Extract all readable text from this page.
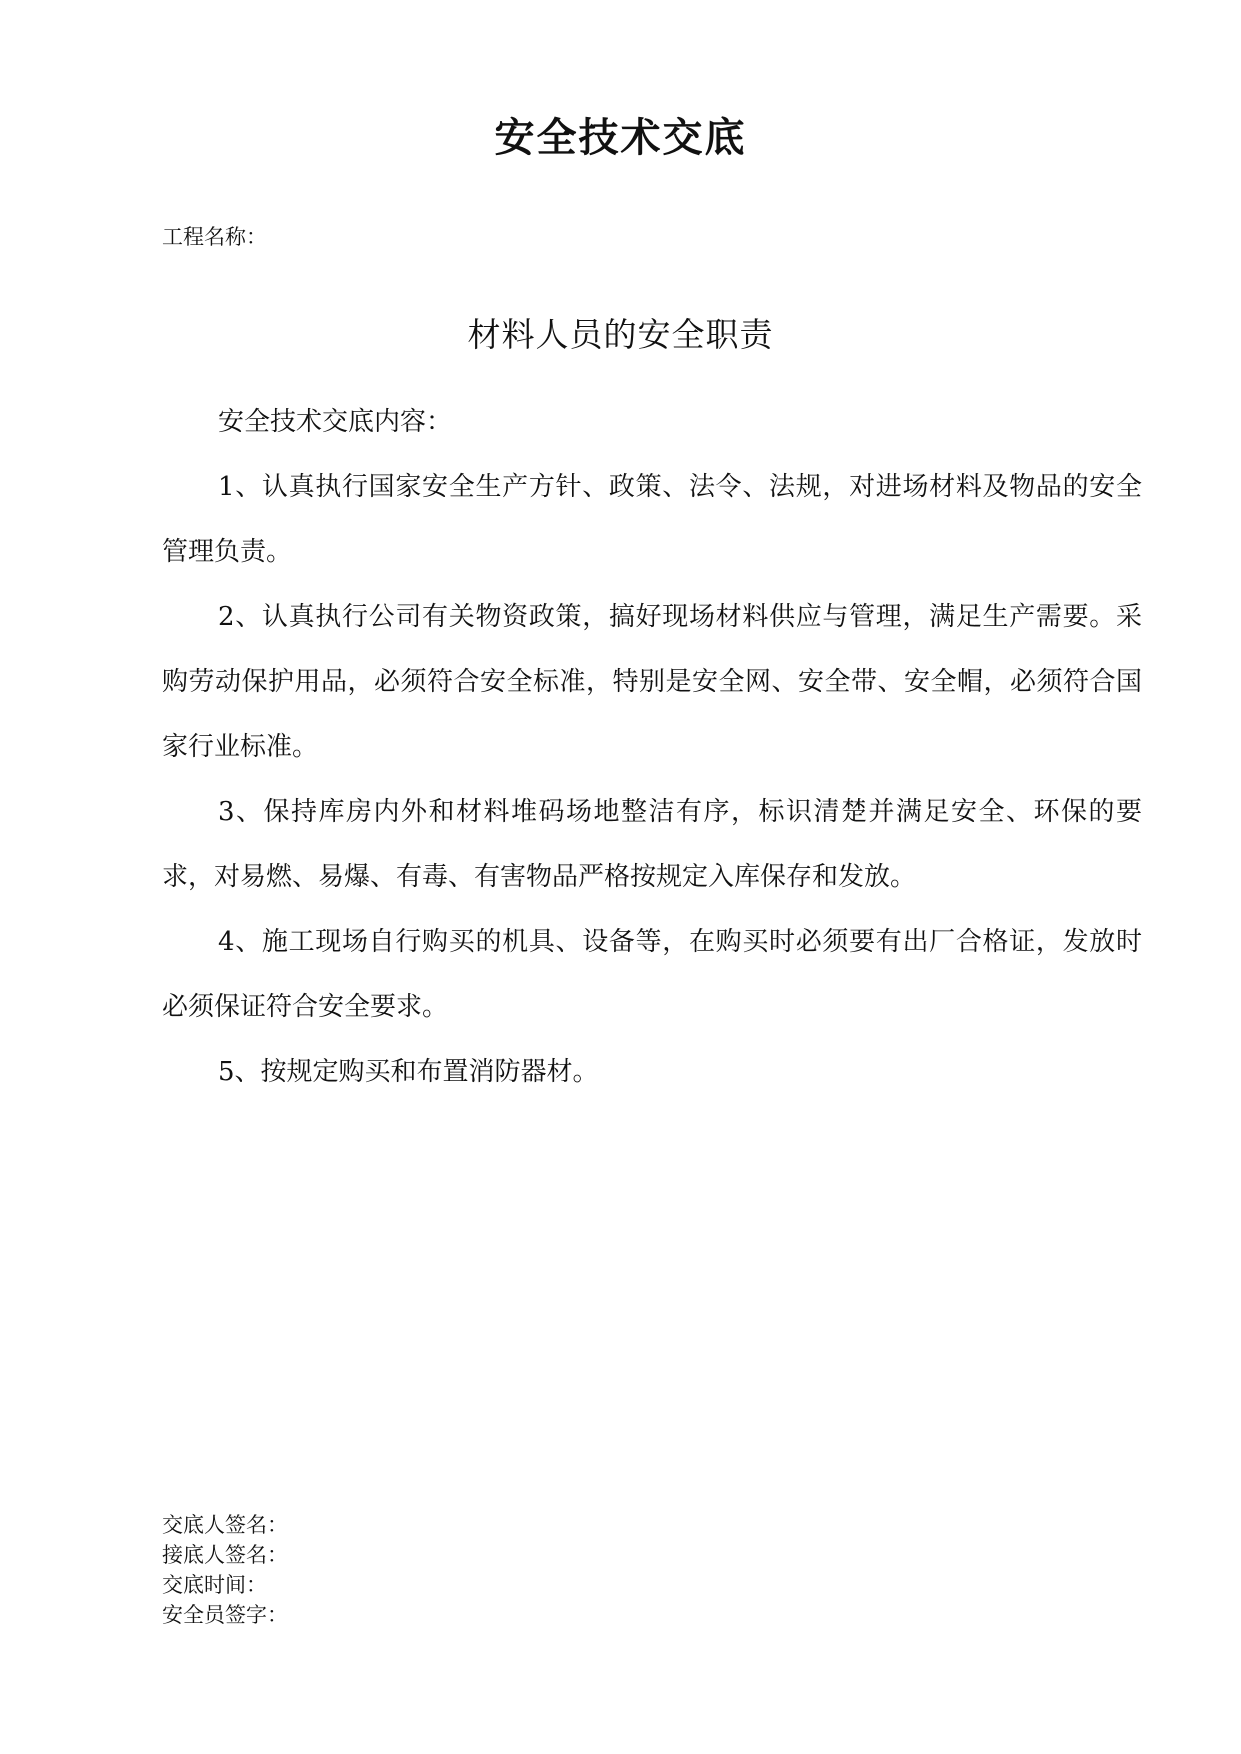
安全技术交底
工程名称：
材料人员的安全职责

安全技术交底内容：

1、认真执行国家安全生产方针、政策、法令、法规，对进场材料及物品的安全管理负责。

2、认真执行公司有关物资政策，搞好现场材料供应与管理，满足生产需要。采购劳动保护用品，必须符合安全标准，特别是安全网、安全带、安全帽，必须符合国家行业标准。

3、保持库房内外和材料堆码场地整洁有序，标识清楚并满足安全、环保的要求，对易燃、易爆、有毒、有害物品严格按规定入库保存和发放。

4、施工现场自行购买的机具、设备等，在购买时必须要有出厂合格证，发放时必须保证符合安全要求。

5、按规定购买和布置消防器材。

交底人签名：
接底人签名：
交底时间：
安全员签字：
